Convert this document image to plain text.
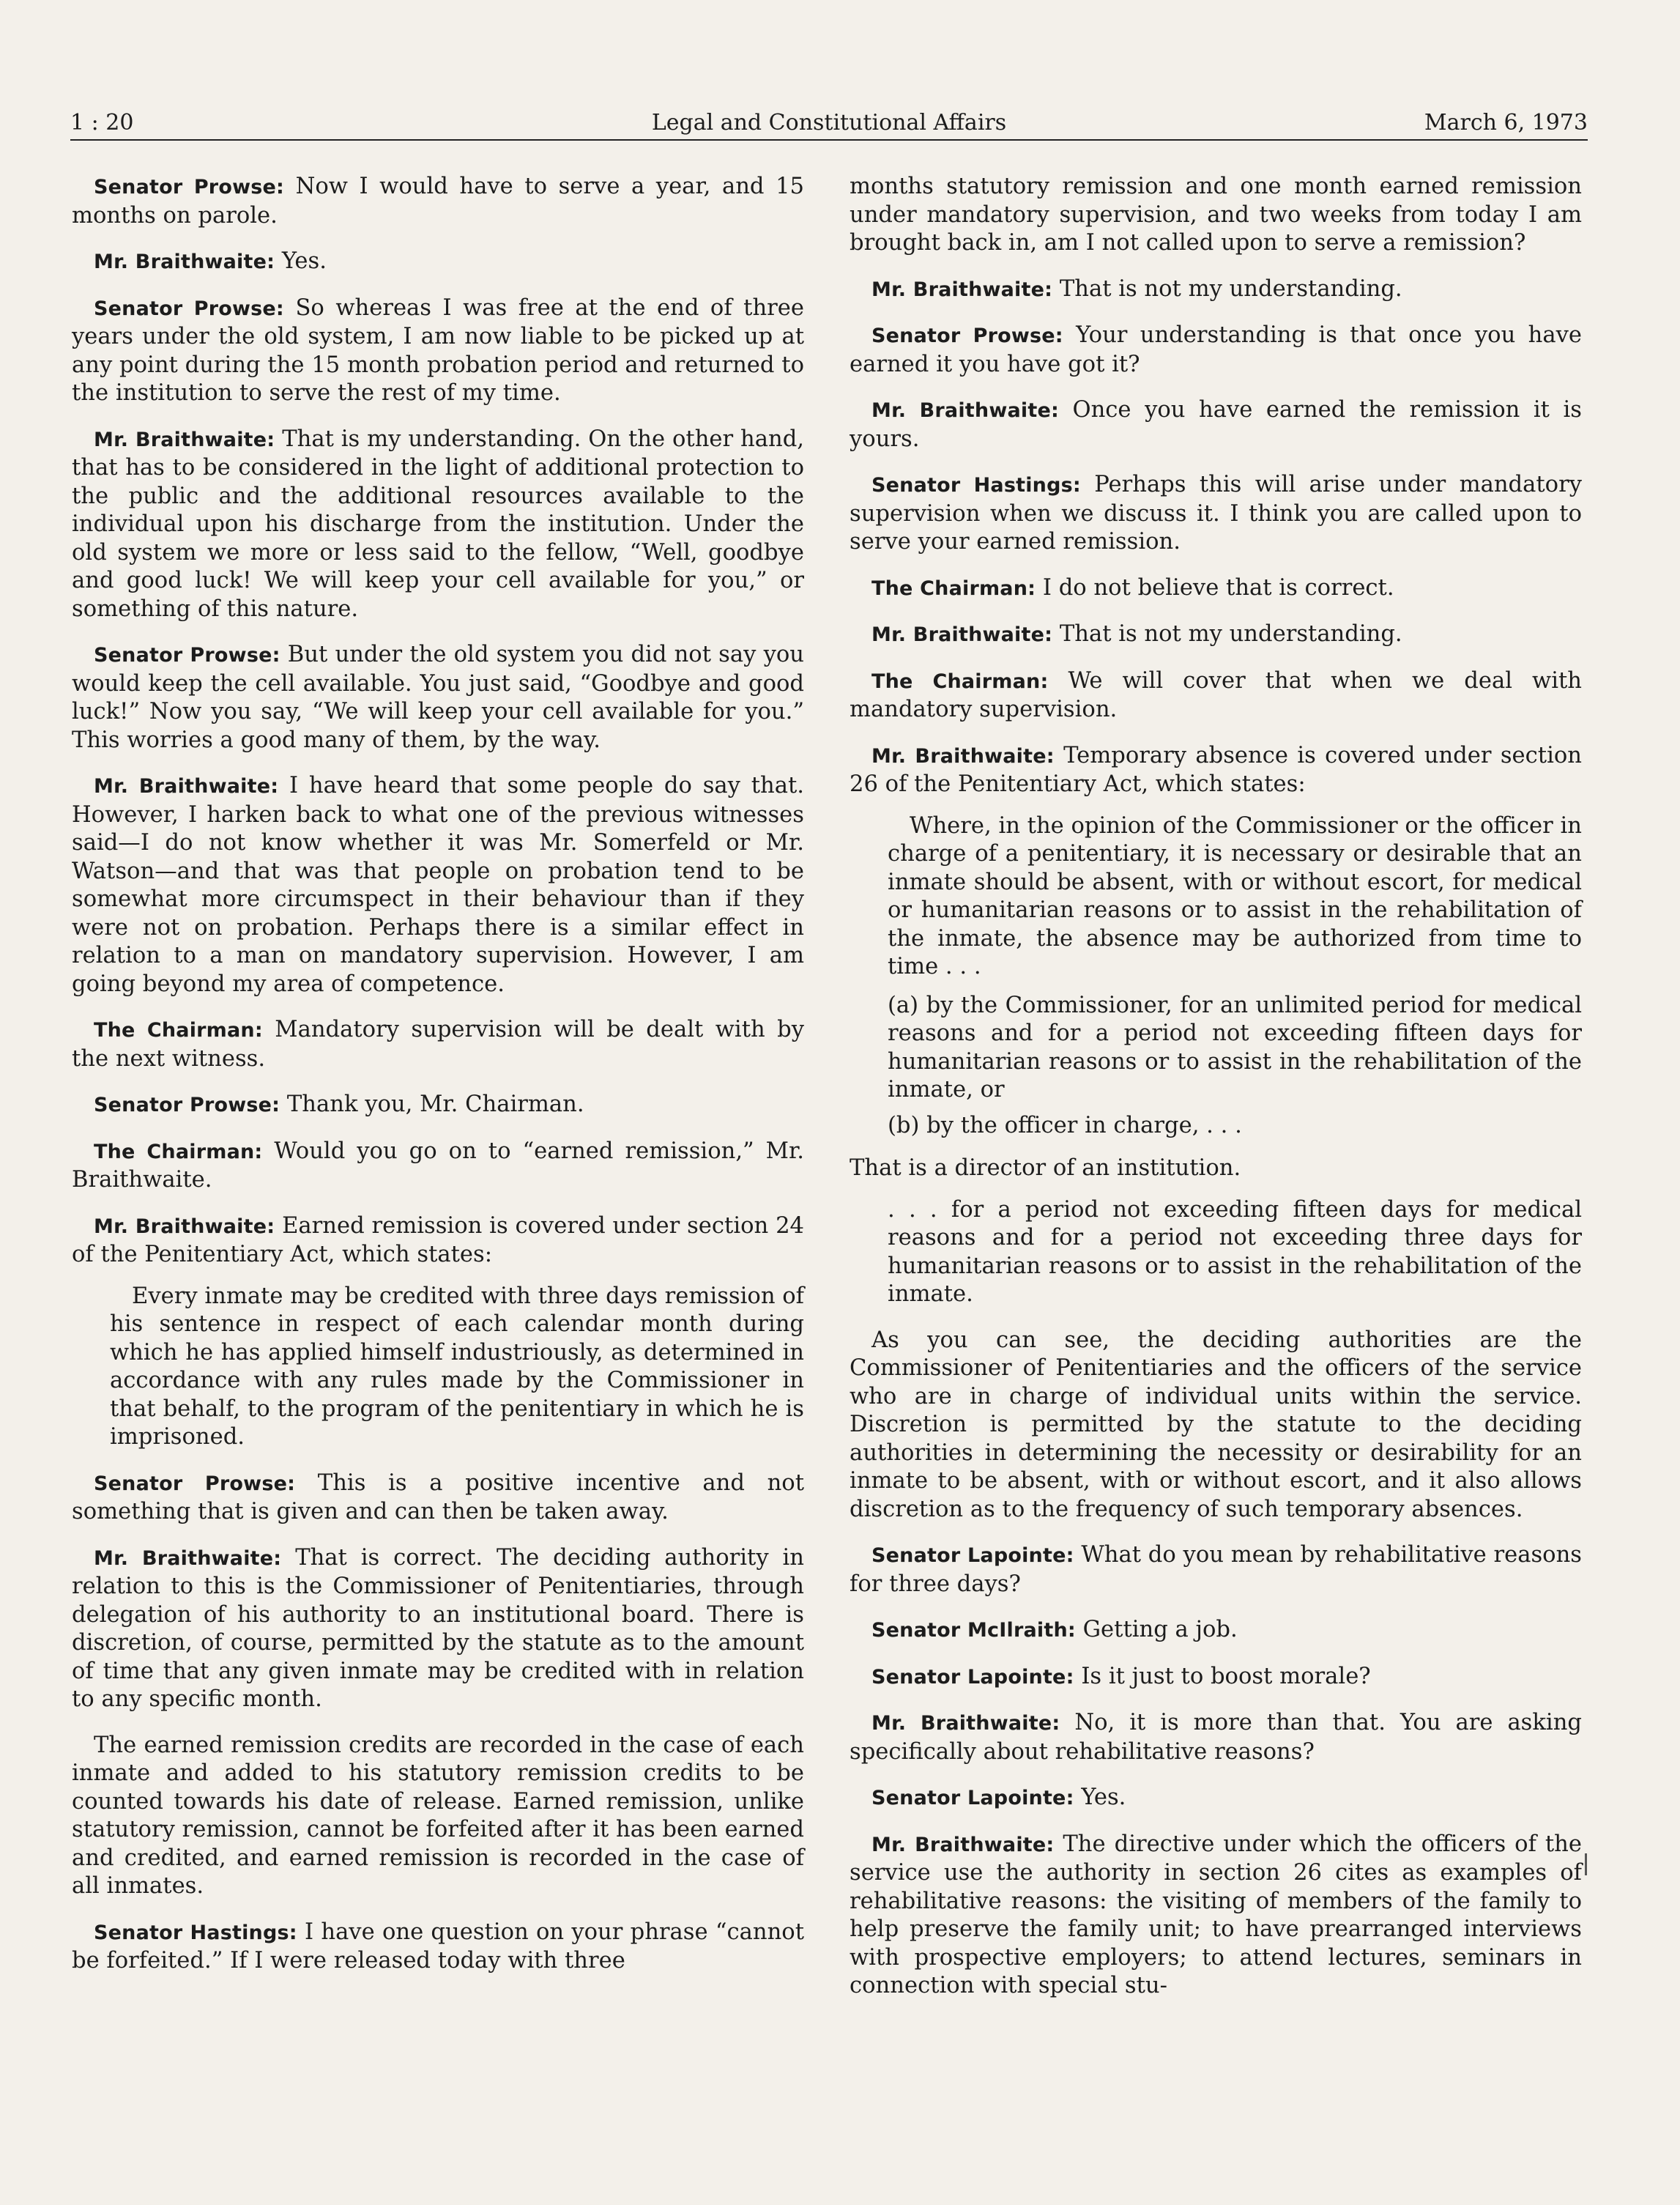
1 : 20	Legal and Constitutional Affairs	March 6, 1973

Senator Prowse: Now I would have to serve a year, and 15 months on parole.

Mr. Braithwaite: Yes.

Senator Prowse: So whereas I was free at the end of three years under the old system, I am now liable to be picked up at any point during the 15 month probation period and returned to the institution to serve the rest of my time.

Mr. Braithwaite: That is my understanding. On the other hand, that has to be considered in the light of additional protection to the public and the additional resources available to the individual upon his discharge from the institution. Under the old system we more or less said to the fellow, “Well, goodbye and good luck! We will keep your cell available for you,” or something of this nature.

Senator Prowse: But under the old system you did not say you would keep the cell available. You just said, “Goodbye and good luck!” Now you say, “We will keep your cell available for you.” This worries a good many of them, by the way.

Mr. Braithwaite: I have heard that some people do say that. However, I harken back to what one of the previous witnesses said—I do not know whether it was Mr. Somerfeld or Mr. Watson—and that was that people on probation tend to be somewhat more circumspect in their behaviour than if they were not on probation. Perhaps there is a similar effect in relation to a man on mandatory supervision. However, I am going beyond my area of competence.

The Chairman: Mandatory supervision will be dealt with by the next witness.

Senator Prowse: Thank you, Mr. Chairman.

The Chairman: Would you go on to “earned remission,” Mr. Braithwaite.

Mr. Braithwaite: Earned remission is covered under section 24 of the Penitentiary Act, which states:

Every inmate may be credited with three days remission of his sentence in respect of each calendar month during which he has applied himself industriously, as determined in accordance with any rules made by the Commissioner in that behalf, to the program of the penitentiary in which he is imprisoned.

Senator Prowse: This is a positive incentive and not something that is given and can then be taken away.

Mr. Braithwaite: That is correct. The deciding authority in relation to this is the Commissioner of Penitentiaries, through delegation of his authority to an institutional board. There is discretion, of course, permitted by the statute as to the amount of time that any given inmate may be credited with in relation to any specific month.

The earned remission credits are recorded in the case of each inmate and added to his statutory remission credits to be counted towards his date of release. Earned remission, unlike statutory remission, cannot be forfeited after it has been earned and credited, and earned remission is recorded in the case of all inmates.

Senator Hastings: I have one question on your phrase “cannot be forfeited.” If I were released today with three

months statutory remission and one month earned remission under mandatory supervision, and two weeks from today I am brought back in, am I not called upon to serve a remission?

Mr. Braithwaite: That is not my understanding.

Senator Prowse: Your understanding is that once you have earned it you have got it?

Mr. Braithwaite: Once you have earned the remission it is yours.

Senator Hastings: Perhaps this will arise under mandatory supervision when we discuss it. I think you are called upon to serve your earned remission.

The Chairman: I do not believe that is correct.

Mr. Braithwaite: That is not my understanding.

The Chairman: We will cover that when we deal with mandatory supervision.

Mr. Braithwaite: Temporary absence is covered under section 26 of the Penitentiary Act, which states:

Where, in the opinion of the Commissioner or the officer in charge of a penitentiary, it is necessary or desirable that an inmate should be absent, with or without escort, for medical or humanitarian reasons or to assist in the rehabilitation of the inmate, the absence may be authorized from time to time . . .

(a) by the Commissioner, for an unlimited period for medical reasons and for a period not exceeding fifteen days for humanitarian reasons or to assist in the rehabilitation of the inmate, or

(b) by the officer in charge, . . .

That is a director of an institution.

. . . for a period not exceeding fifteen days for medical reasons and for a period not exceeding three days for humanitarian reasons or to assist in the rehabilitation of the inmate.

As you can see, the deciding authorities are the Commissioner of Penitentiaries and the officers of the service who are in charge of individual units within the service. Discretion is permitted by the statute to the deciding authorities in determining the necessity or desirability for an inmate to be absent, with or without escort, and it also allows discretion as to the frequency of such temporary absences.

Senator Lapointe: What do you mean by rehabilitative reasons for three days?

Senator McIlraith: Getting a job.

Senator Lapointe: Is it just to boost morale?

Mr. Braithwaite: No, it is more than that. You are asking specifically about rehabilitative reasons?

Senator Lapointe: Yes.

Mr. Braithwaite: The directive under which the officers of the service use the authority in section 26 cites as examples of rehabilitative reasons: the visiting of members of the family to help preserve the family unit; to have prearranged interviews with prospective employers; to attend lectures, seminars in connection with special stu-
